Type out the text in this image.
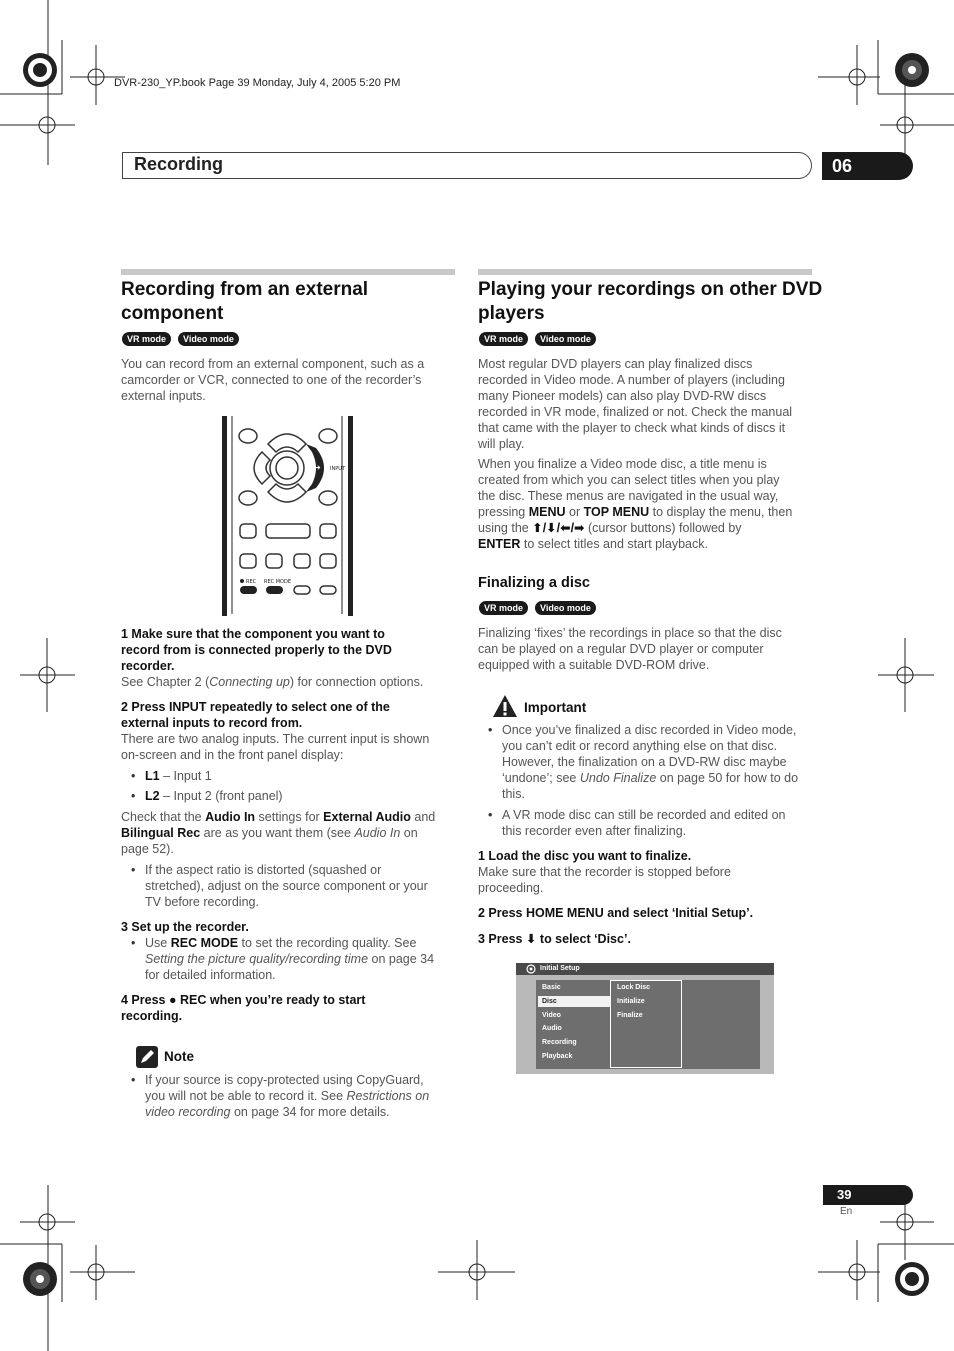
DVR-230_YP.book Page 39 Monday, July 4, 2005 5:20 PM
Recording	06
Recording from an external
component
VR mode	Video mode
You can record from an external component, such as a
camcorder or VCR, connected to one of the recorder’s
external inputs.
➔ INPUT
REC REC MODE
1 Make sure that the component you want to
record from is connected properly to the DVD
recorder.
See Chapter 2 (Connecting up) for connection options.
2 Press INPUT repeatedly to select one of the
external inputs to record from.
There are two analog inputs. The current input is shown
on-screen and in the front panel display:
• L1 – Input 1
• L2 – Input 2 (front panel)
Check that the Audio In settings for External Audio and
Bilingual Rec are as you want them (see Audio In on
page 52).
• If the aspect ratio is distorted (squashed or
stretched), adjust on the source component or your
TV before recording.
3 Set up the recorder.
• Use REC MODE to set the recording quality. See
Setting the picture quality/recording time on page 34
for detailed information.
4 Press ● REC when you’re ready to start
recording.
Note
• If your source is copy-protected using CopyGuard,
you will not be able to record it. See Restrictions on
video recording on page 34 for more details.
Playing your recordings on other DVD
players
VR mode	Video mode
Most regular DVD players can play finalized discs
recorded in Video mode. A number of players (including
many Pioneer models) can also play DVD-RW discs
recorded in VR mode, finalized or not. Check the manual
that came with the player to check what kinds of discs it
will play.
When you finalize a Video mode disc, a title menu is
created from which you can select titles when you play
the disc. These menus are navigated in the usual way,
pressing MENU or TOP MENU to display the menu, then
using the ⬆/⬇/⬅/➡ (cursor buttons) followed by
ENTER to select titles and start playback.
Finalizing a disc
VR mode	Video mode
Finalizing ‘fixes’ the recordings in place so that the disc
can be played on a regular DVD player or computer
equipped with a suitable DVD-ROM drive.
Important
• Once you’ve finalized a disc recorded in Video mode,
you can’t edit or record anything else on that disc.
However, the finalization on a DVD-RW disc maybe
‘undone’; see Undo Finalize on page 50 for how to do
this.
• A VR mode disc can still be recorded and edited on
this recorder even after finalizing.
1 Load the disc you want to finalize.
Make sure that the recorder is stopped before
proceeding.
2 Press HOME MENU and select ‘Initial Setup’.
3 Press ⬇ to select ‘Disc’.
Initial Setup
Basic
Disc
Video
Audio
Recording
Playback
Lock Disc
Initialize
Finalize
39
En
